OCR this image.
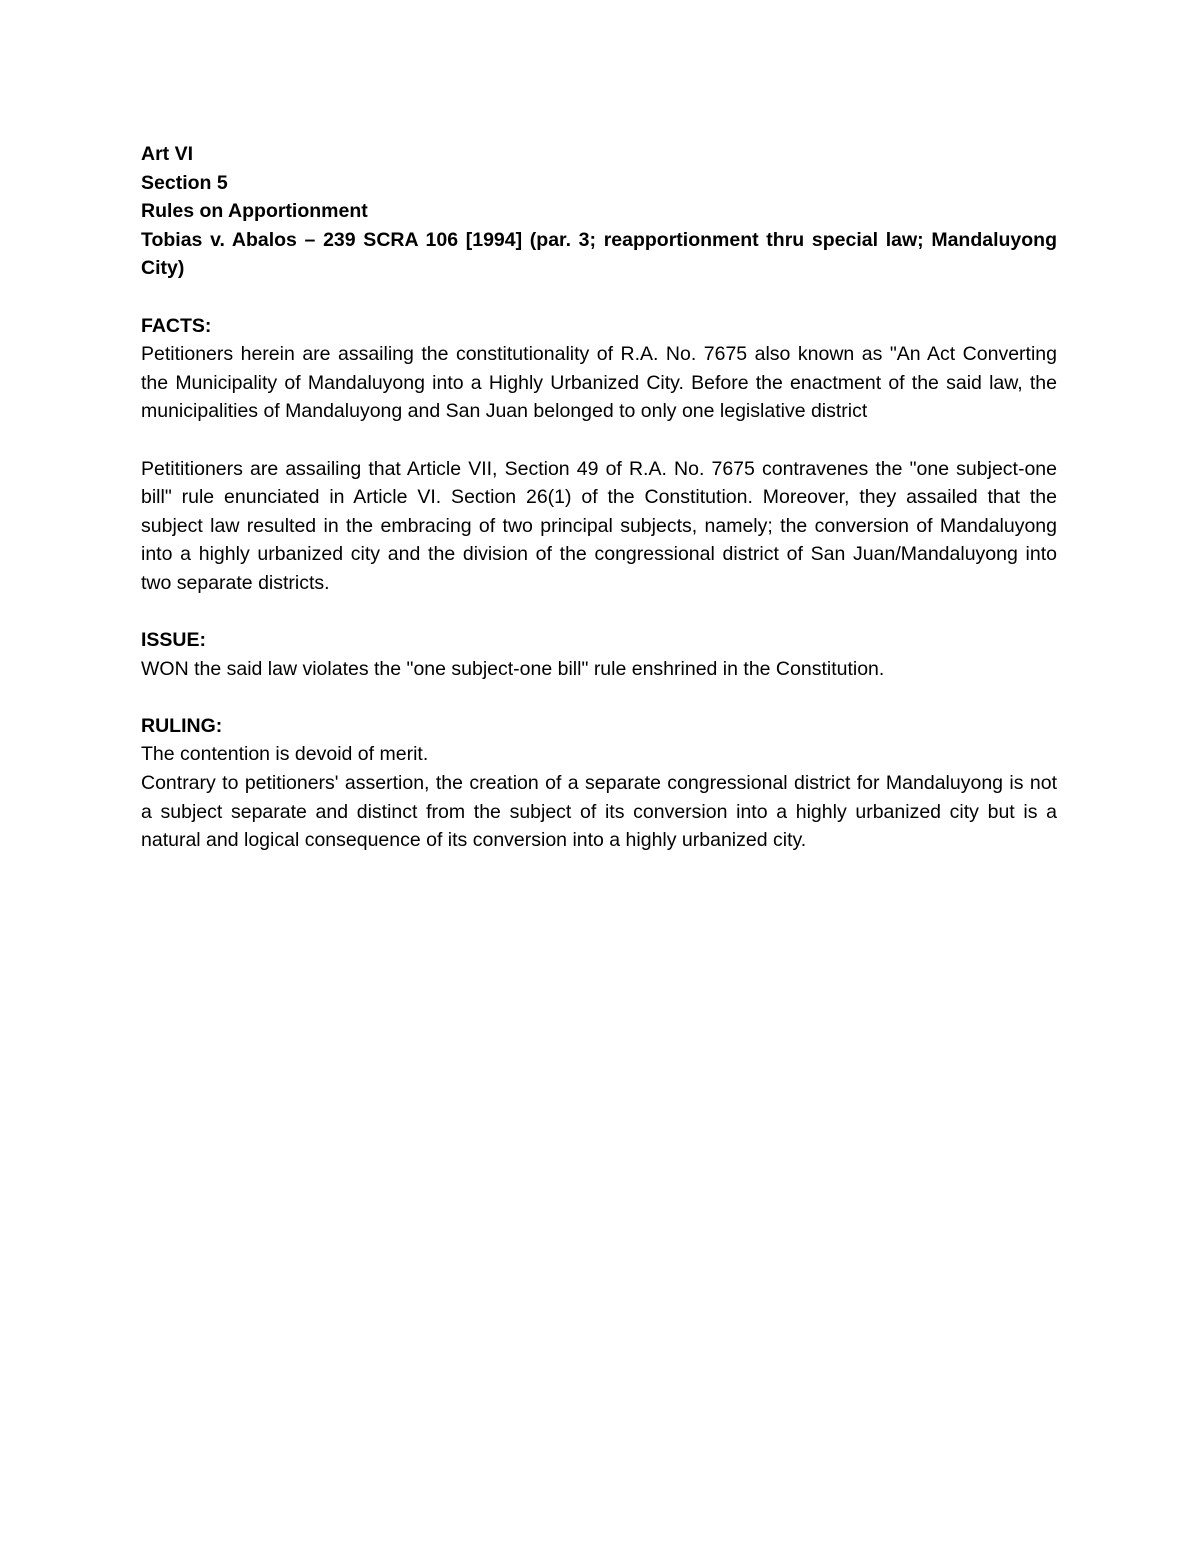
Art VI

Section 5

Rules on Apportionment

Tobias v. Abalos – 239 SCRA 106 [1994] (par. 3; reapportionment thru special law; Mandaluyong City)

FACTS:

Petitioners herein are assailing the constitutionality of R.A. No. 7675 also known as "An Act Converting the Municipality of Mandaluyong into a Highly Urbanized City. Before the enactment of the said law, the municipalities of Mandaluyong and San Juan belonged to only one legislative district

Petititioners are assailing that Article VII, Section 49 of R.A. No. 7675 contravenes the "one subject-one bill" rule enunciated in Article VI. Section 26(1) of the Constitution. Moreover, they assailed that the subject law resulted in the embracing of two principal subjects, namely; the conversion of Mandaluyong into a highly urbanized city and the division of the congressional district of San Juan/Mandaluyong into two separate districts.

ISSUE:

WON the said law violates the "one subject-one bill" rule enshrined in the Constitution.

RULING:

The contention is devoid of merit.

Contrary to petitioners' assertion, the creation of a separate congressional district for Mandaluyong is not a subject separate and distinct from the subject of its conversion into a highly urbanized city but is a natural and logical consequence of its conversion into a highly urbanized city.
